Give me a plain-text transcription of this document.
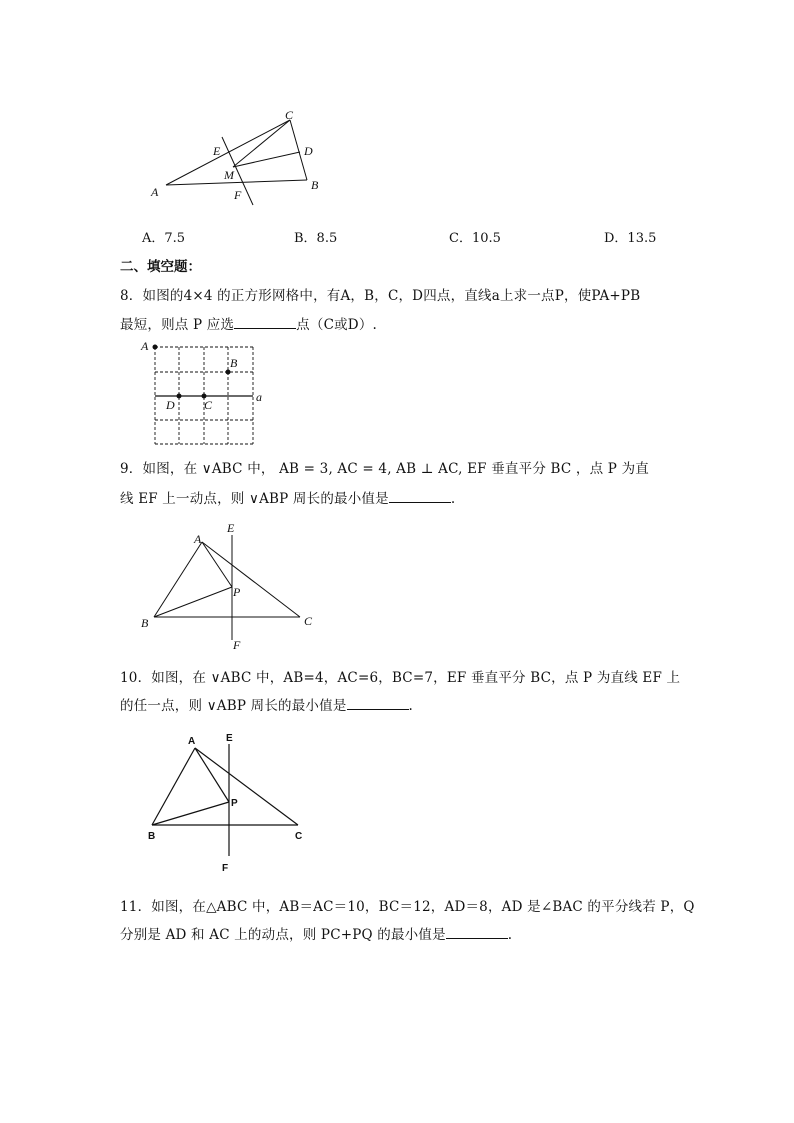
C
D
E
M
B
A	F
A．7.5	B．8.5	C．10.5	D．13.5
二、填空题：
8．如图的4×4 的正方形网格中，有A，B，C，D四点，直线a上求一点P，使PA+PB
最短，则点 P 应选	点（C或D）.
A
B
D C
a
9．如图，在 ∨ABC 中， AB = 3, AC = 4, AB ⊥ AC, EF 垂直平分 BC ，点 P 为直
线 EF 上一动点，则 ∨ABP 周长的最小值是	.
A
E
P
B	C
F
10．如图，在 ∨ABC 中，AB=4，AC=6，BC=7，EF 垂直平分 BC，点 P 为直线 EF 上
的任一点，则 ∨ABP 周长的最小值是	.
A	E
P
B	C
F
11．如图，在△ABC 中，AB＝AC＝10，BC＝12，AD＝8，AD 是∠BAC 的平分线若 P，Q
分别是 AD 和 AC 上的动点，则 PC+PQ 的最小值是	.
